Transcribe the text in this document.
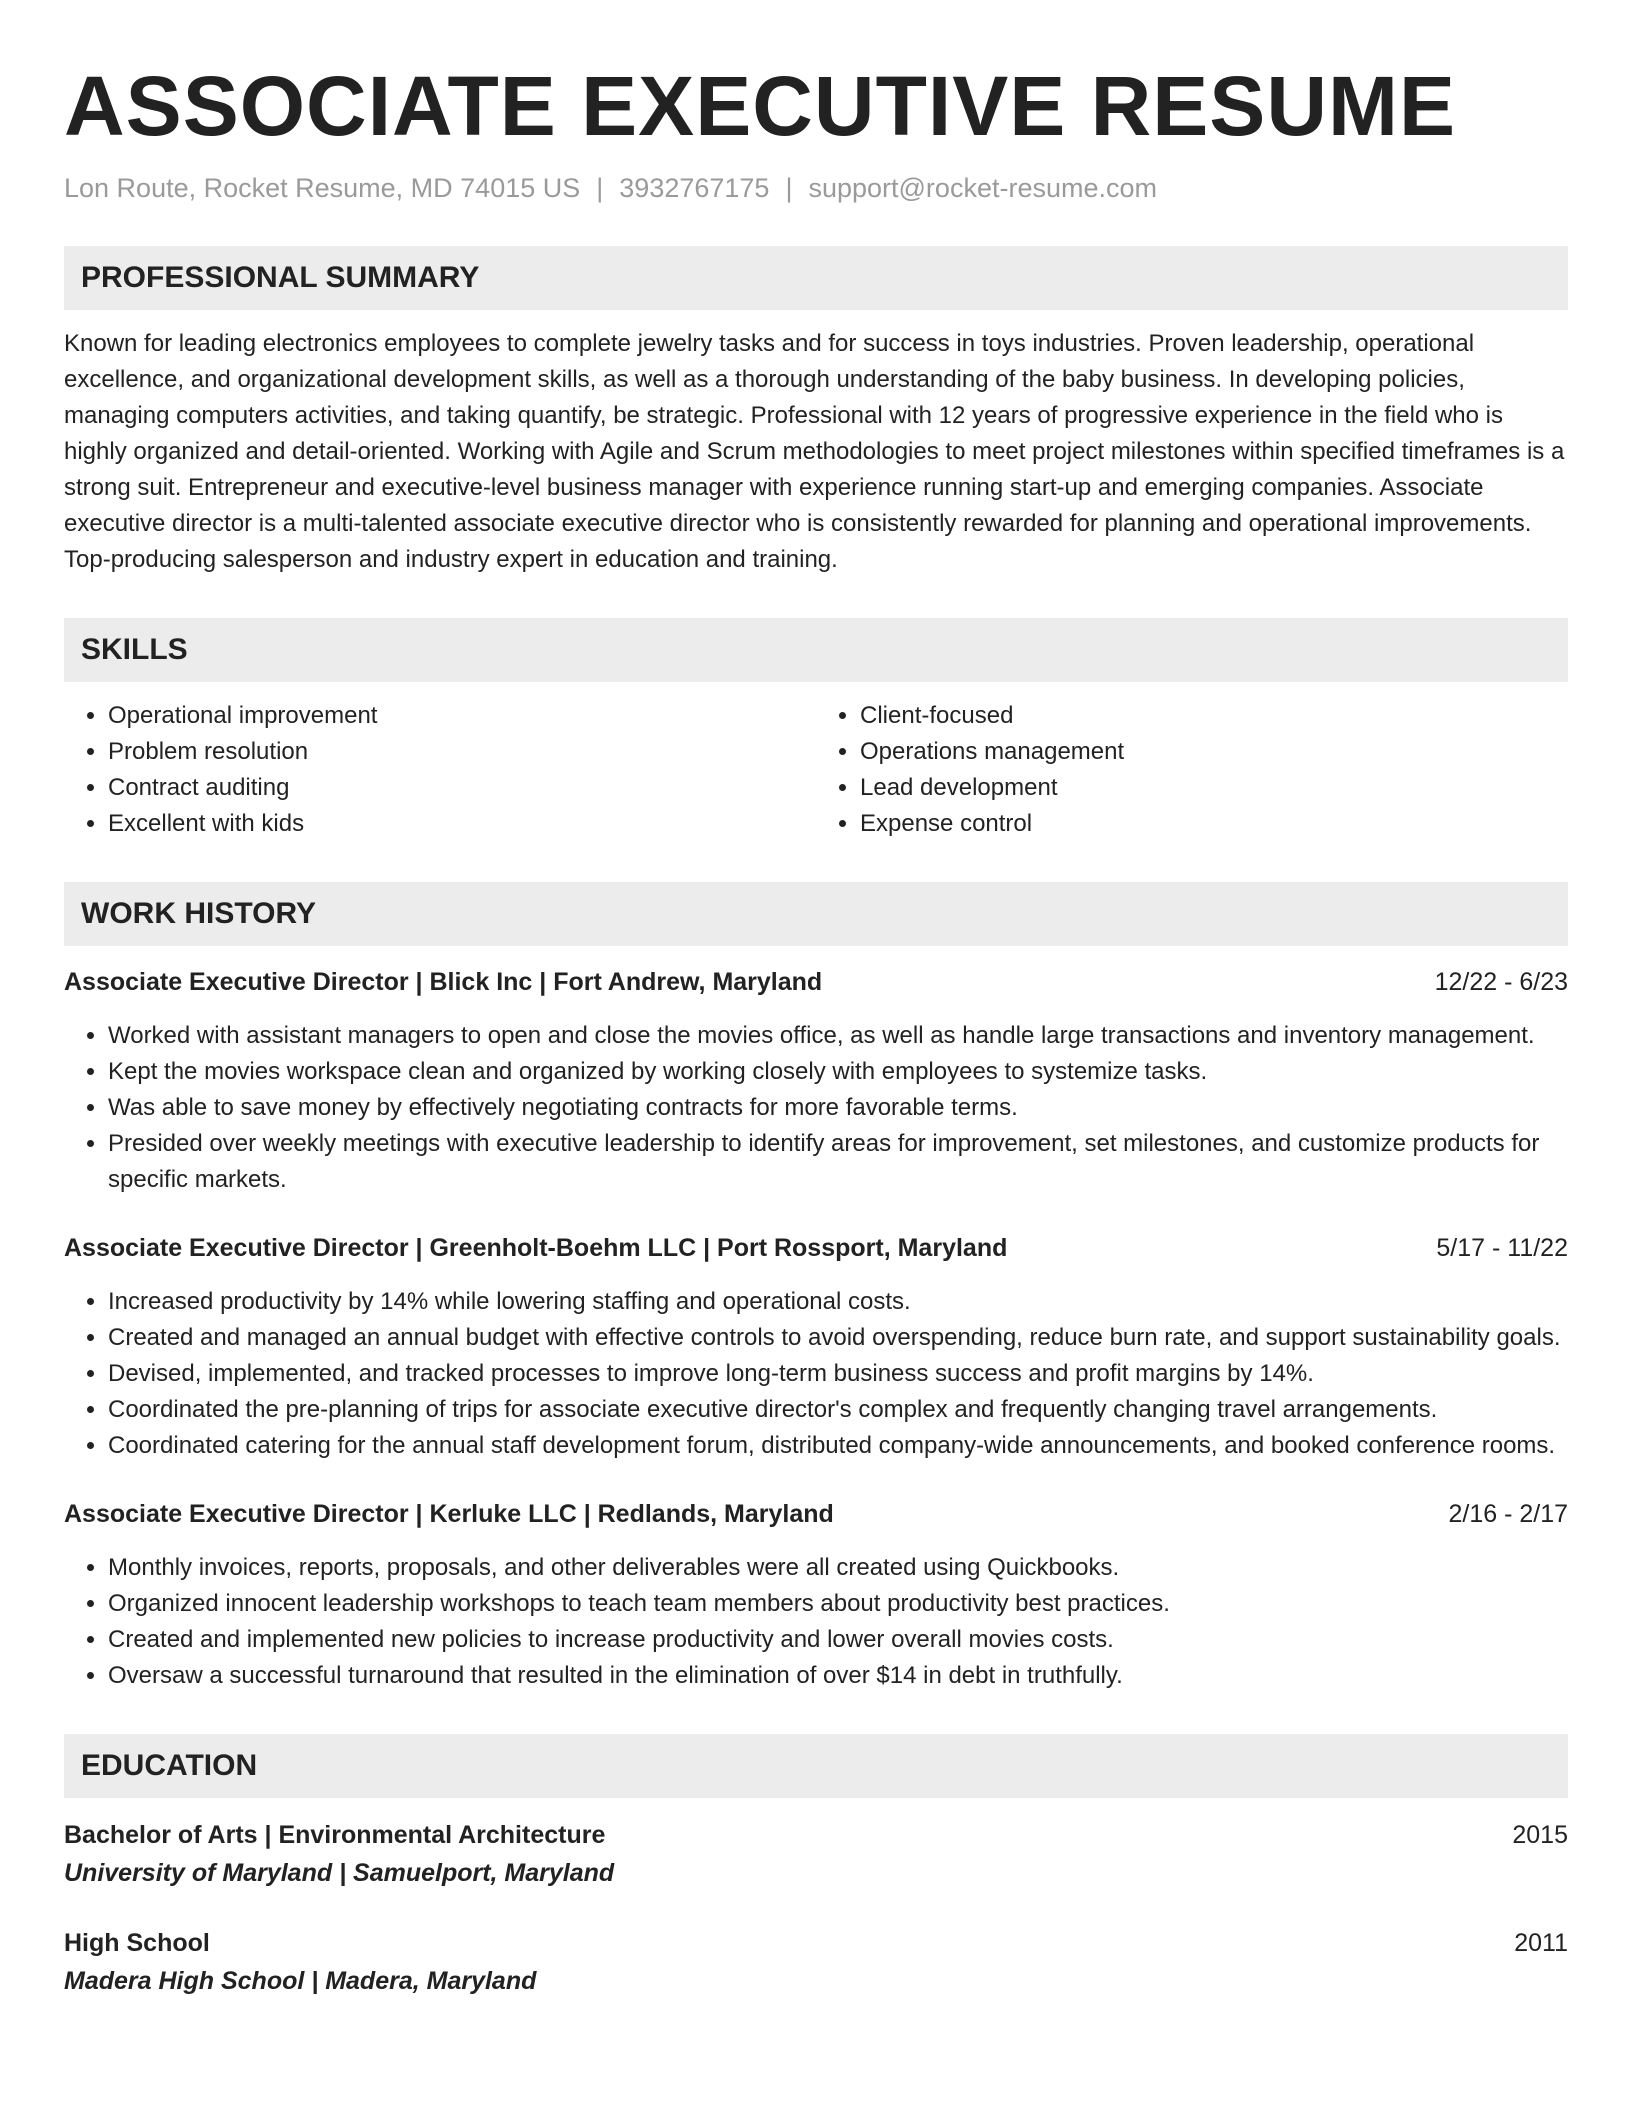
ASSOCIATE EXECUTIVE RESUME
Lon Route, Rocket Resume, MD 74015 US | 3932767175 | support@rocket-resume.com
PROFESSIONAL SUMMARY
Known for leading electronics employees to complete jewelry tasks and for success in toys industries. Proven leadership, operational excellence, and organizational development skills, as well as a thorough understanding of the baby business. In developing policies, managing computers activities, and taking quantify, be strategic. Professional with 12 years of progressive experience in the field who is highly organized and detail-oriented. Working with Agile and Scrum methodologies to meet project milestones within specified timeframes is a strong suit. Entrepreneur and executive-level business manager with experience running start-up and emerging companies. Associate executive director is a multi-talented associate executive director who is consistently rewarded for planning and operational improvements. Top-producing salesperson and industry expert in education and training.
SKILLS
• Operational improvement
• Problem resolution
• Contract auditing
• Excellent with kids
• Client-focused
• Operations management
• Lead development
• Expense control
WORK HISTORY
Associate Executive Director | Blick Inc | Fort Andrew, Maryland	12/22 - 6/23
• Worked with assistant managers to open and close the movies office, as well as handle large transactions and inventory management.
• Kept the movies workspace clean and organized by working closely with employees to systemize tasks.
• Was able to save money by effectively negotiating contracts for more favorable terms.
• Presided over weekly meetings with executive leadership to identify areas for improvement, set milestones, and customize products for specific markets.
Associate Executive Director | Greenholt-Boehm LLC | Port Rossport, Maryland	5/17 - 11/22
• Increased productivity by 14% while lowering staffing and operational costs.
• Created and managed an annual budget with effective controls to avoid overspending, reduce burn rate, and support sustainability goals.
• Devised, implemented, and tracked processes to improve long-term business success and profit margins by 14%.
• Coordinated the pre-planning of trips for associate executive director's complex and frequently changing travel arrangements.
• Coordinated catering for the annual staff development forum, distributed company-wide announcements, and booked conference rooms.
Associate Executive Director | Kerluke LLC | Redlands, Maryland	2/16 - 2/17
• Monthly invoices, reports, proposals, and other deliverables were all created using Quickbooks.
• Organized innocent leadership workshops to teach team members about productivity best practices.
• Created and implemented new policies to increase productivity and lower overall movies costs.
• Oversaw a successful turnaround that resulted in the elimination of over $14 in debt in truthfully.
EDUCATION
Bachelor of Arts | Environmental Architecture	2015
University of Maryland | Samuelport, Maryland
High School	2011
Madera High School | Madera, Maryland
